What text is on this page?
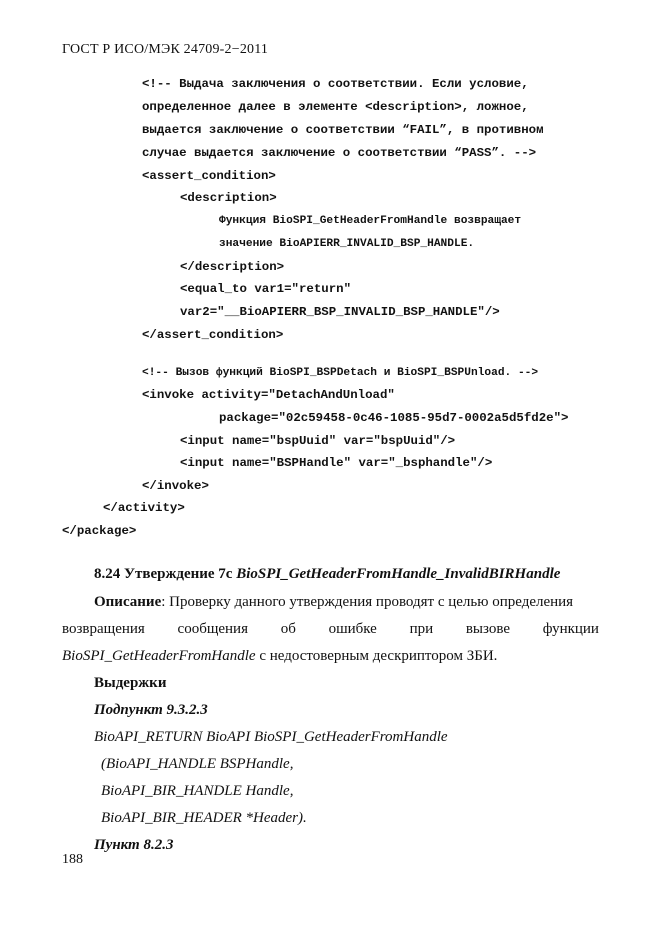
ГОСТ Р ИСО/МЭК 24709-2−2011

<!-- Выдача заключения о соответствии. Если условие,

определенное далее в элементе <description>, ложное,

выдается заключение о соответствии “FAIL”, в противном

случае выдается заключение о соответствии “PASS”. -->

<assert_condition>

<description>

Функция BioSPI_GetHeaderFromHandle возвращает

значение BioAPIERR_INVALID_BSP_HANDLE.

</description>

<equal_to var1="return"

var2="__BioAPIERR_BSP_INVALID_BSP_HANDLE"/>

</assert_condition>

<!-- Вызов функций BioSPI_BSPDetach и BioSPI_BSPUnload. -->

<invoke activity="DetachAndUnload"

package="02c59458-0c46-1085-95d7-0002a5d5fd2e">

<input name="bspUuid" var="bspUuid"/>

<input name="BSPHandle" var="_bsphandle"/>

</invoke>

</activity>

</package>

8.24 Утверждение 7с BioSPI_GetHeaderFromHandle_InvalidBIRHandle
Описание: Проверку данного утверждения проводят с целью определения
возвращения сообщения об ошибке при вызове функции
BioSPI_GetHeaderFromHandle с недостоверным дескриптором ЗБИ.
Выдержки
Подпункт 9.3.2.3
BioAPI_RETURN BioAPI BioSPI_GetHeaderFromHandle
(BioAPI_HANDLE BSPHandle,
BioAPI_BIR_HANDLE Handle,
BioAPI_BIR_HEADER *Header).
Пункт 8.2.3
188
